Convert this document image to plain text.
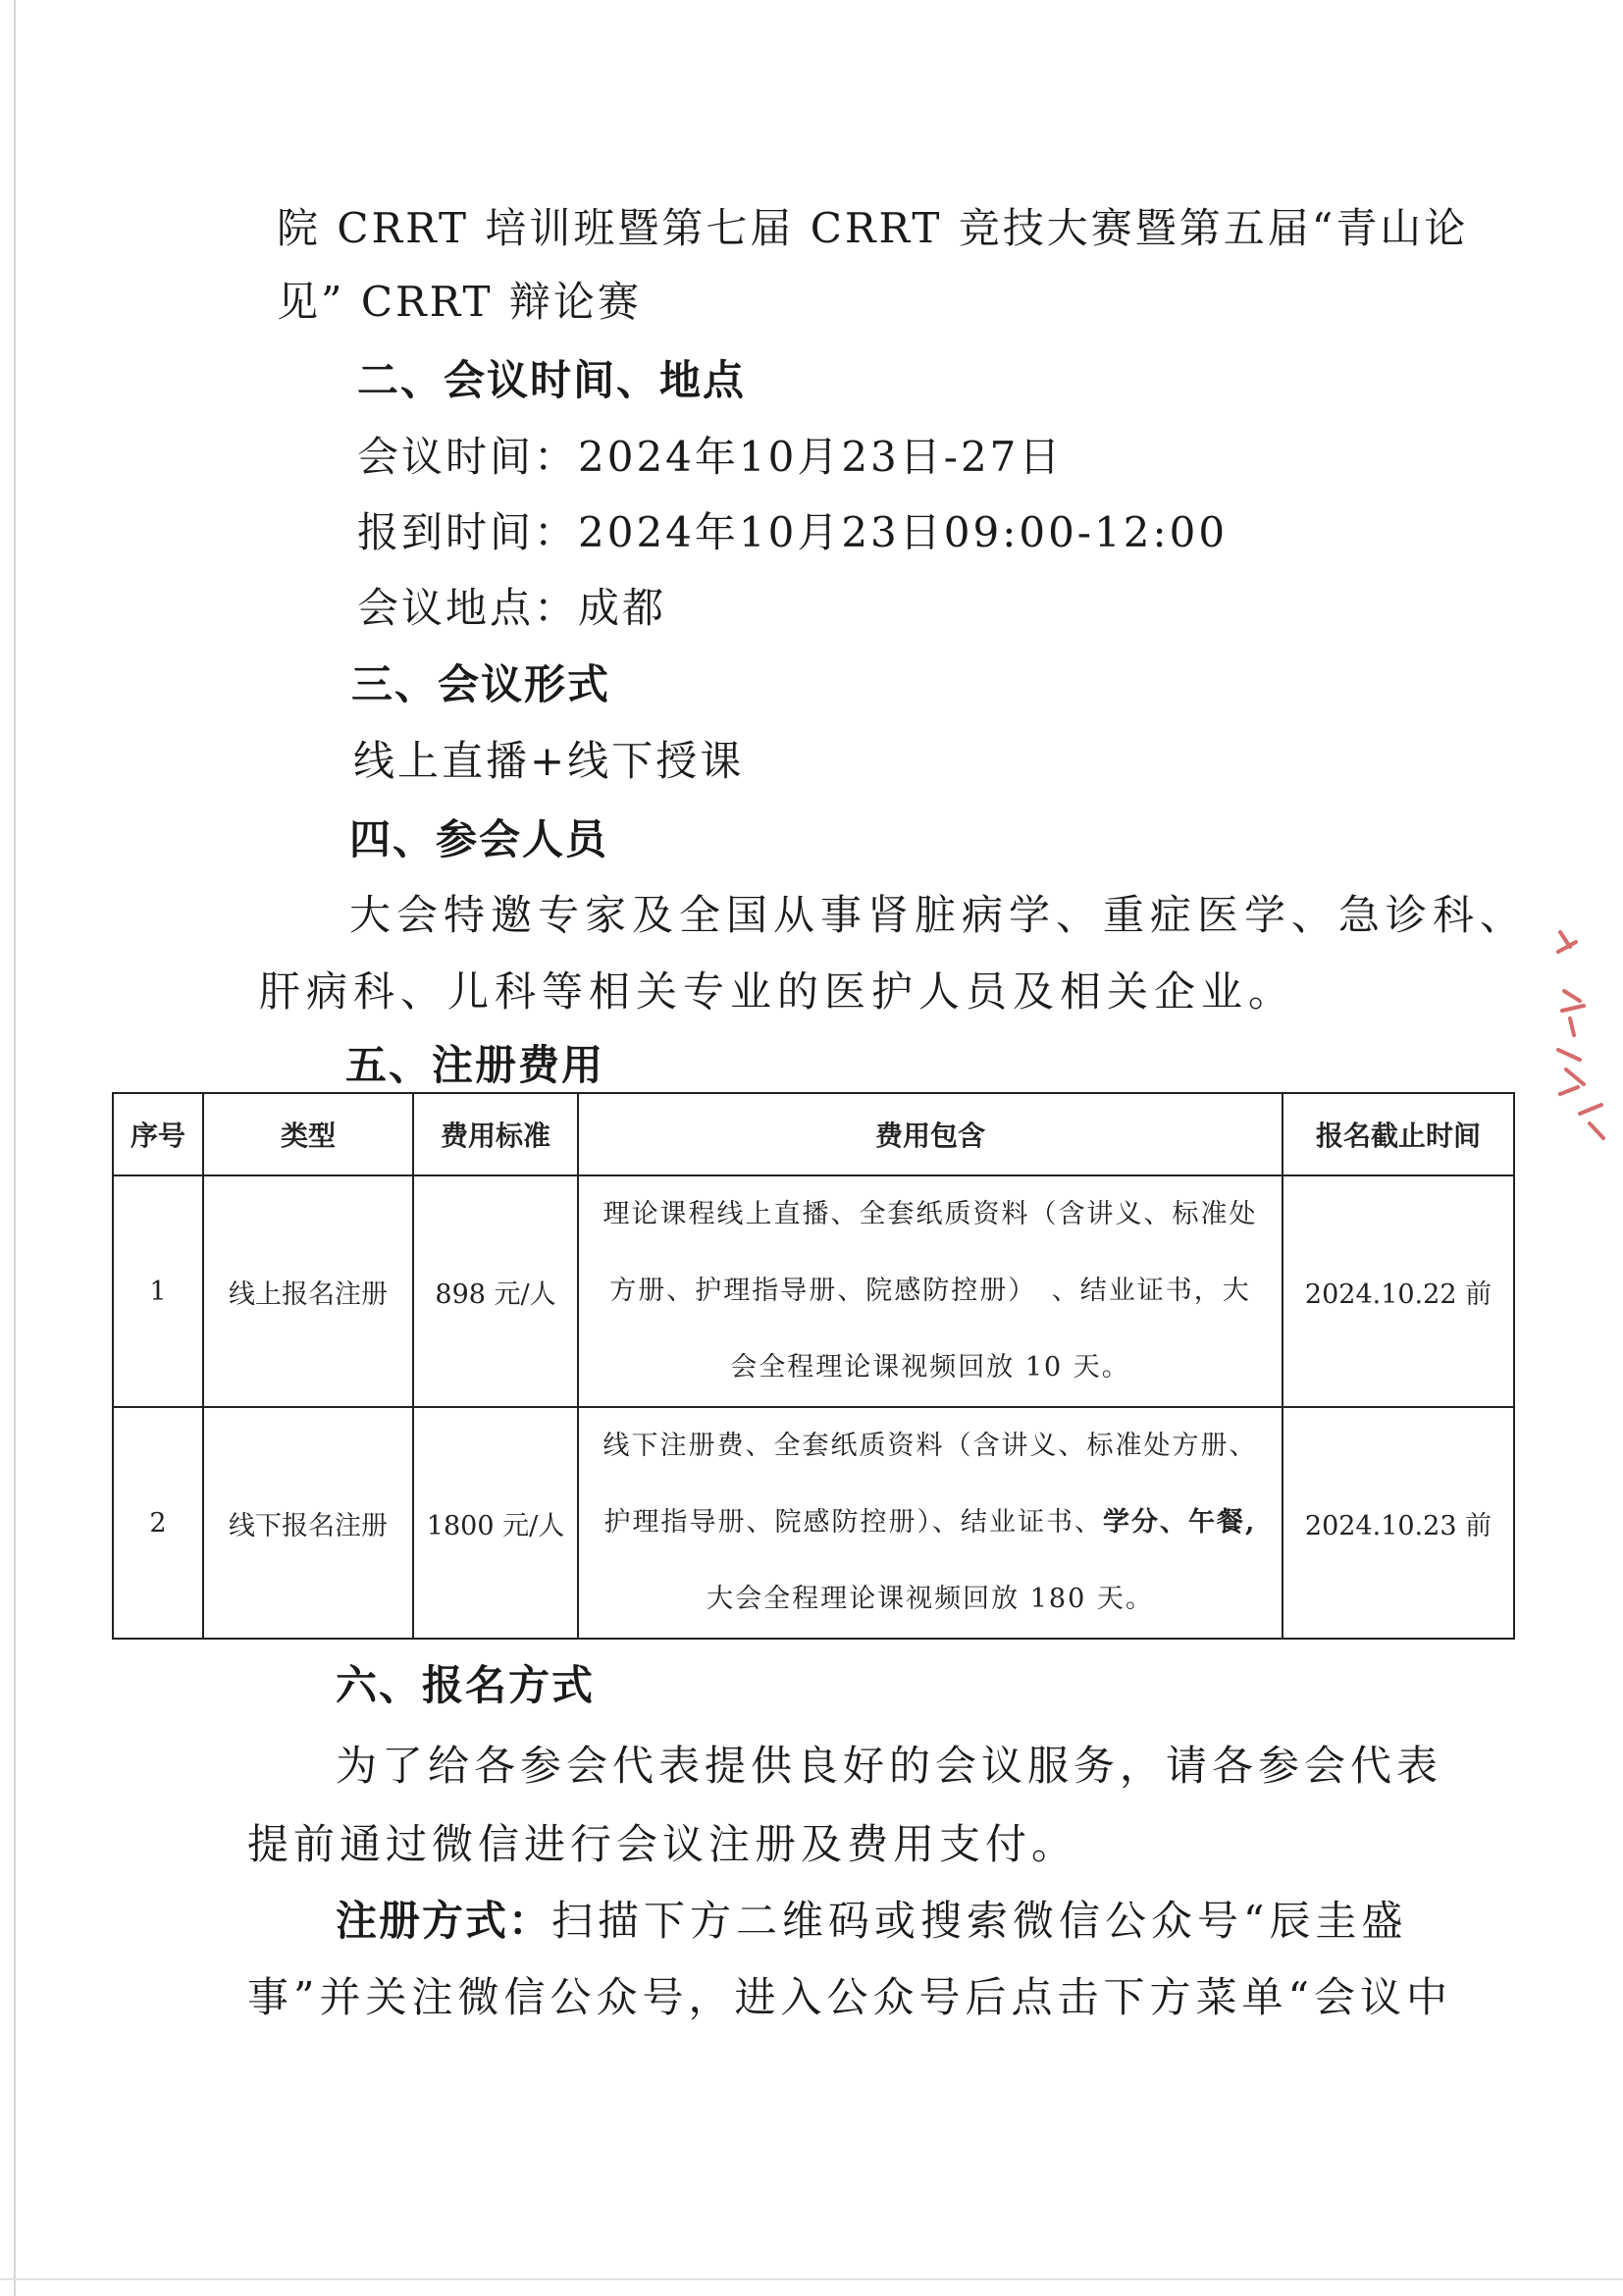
院 CRRT 培训班暨第七届 CRRT 竞技大赛暨第五届“青山论
见” CRRT 辩论赛
二、会议时间、地点
会议时间：2024年10月23日-27日
报到时间：2024年10月23日09:00-12:00
会议地点：成都
三、会议形式
线上直播+线下授课
四、参会人员
大会特邀专家及全国从事肾脏病学、重症医学、急诊科、
肝病科、儿科等相关专业的医护人员及相关企业。
五、注册费用
序号	类型	费用标准	费用包含	报名截止时间
1	线上报名注册	898 元/人	理论课程线上直播、全套纸质资料（含讲义、标准处
方册、护理指导册、院感防控册）　、结业证书，大
会全程理论课视频回放 10 天。	2024.10.22 前
2	线下报名注册	1800 元/人	线下注册费、全套纸质资料（含讲义、标准处方册、
护理指导册、院感防控册）、结业证书、学分、午餐,
大会全程理论课视频回放 180 天。	2024.10.23 前
六、报名方式
为了给各参会代表提供良好的会议服务，请各参会代表
提前通过微信进行会议注册及费用支付。
注册方式：扫描下方二维码或搜索微信公众号“辰圭盛
事”并关注微信公众号，进入公众号后点击下方菜单“会议中
